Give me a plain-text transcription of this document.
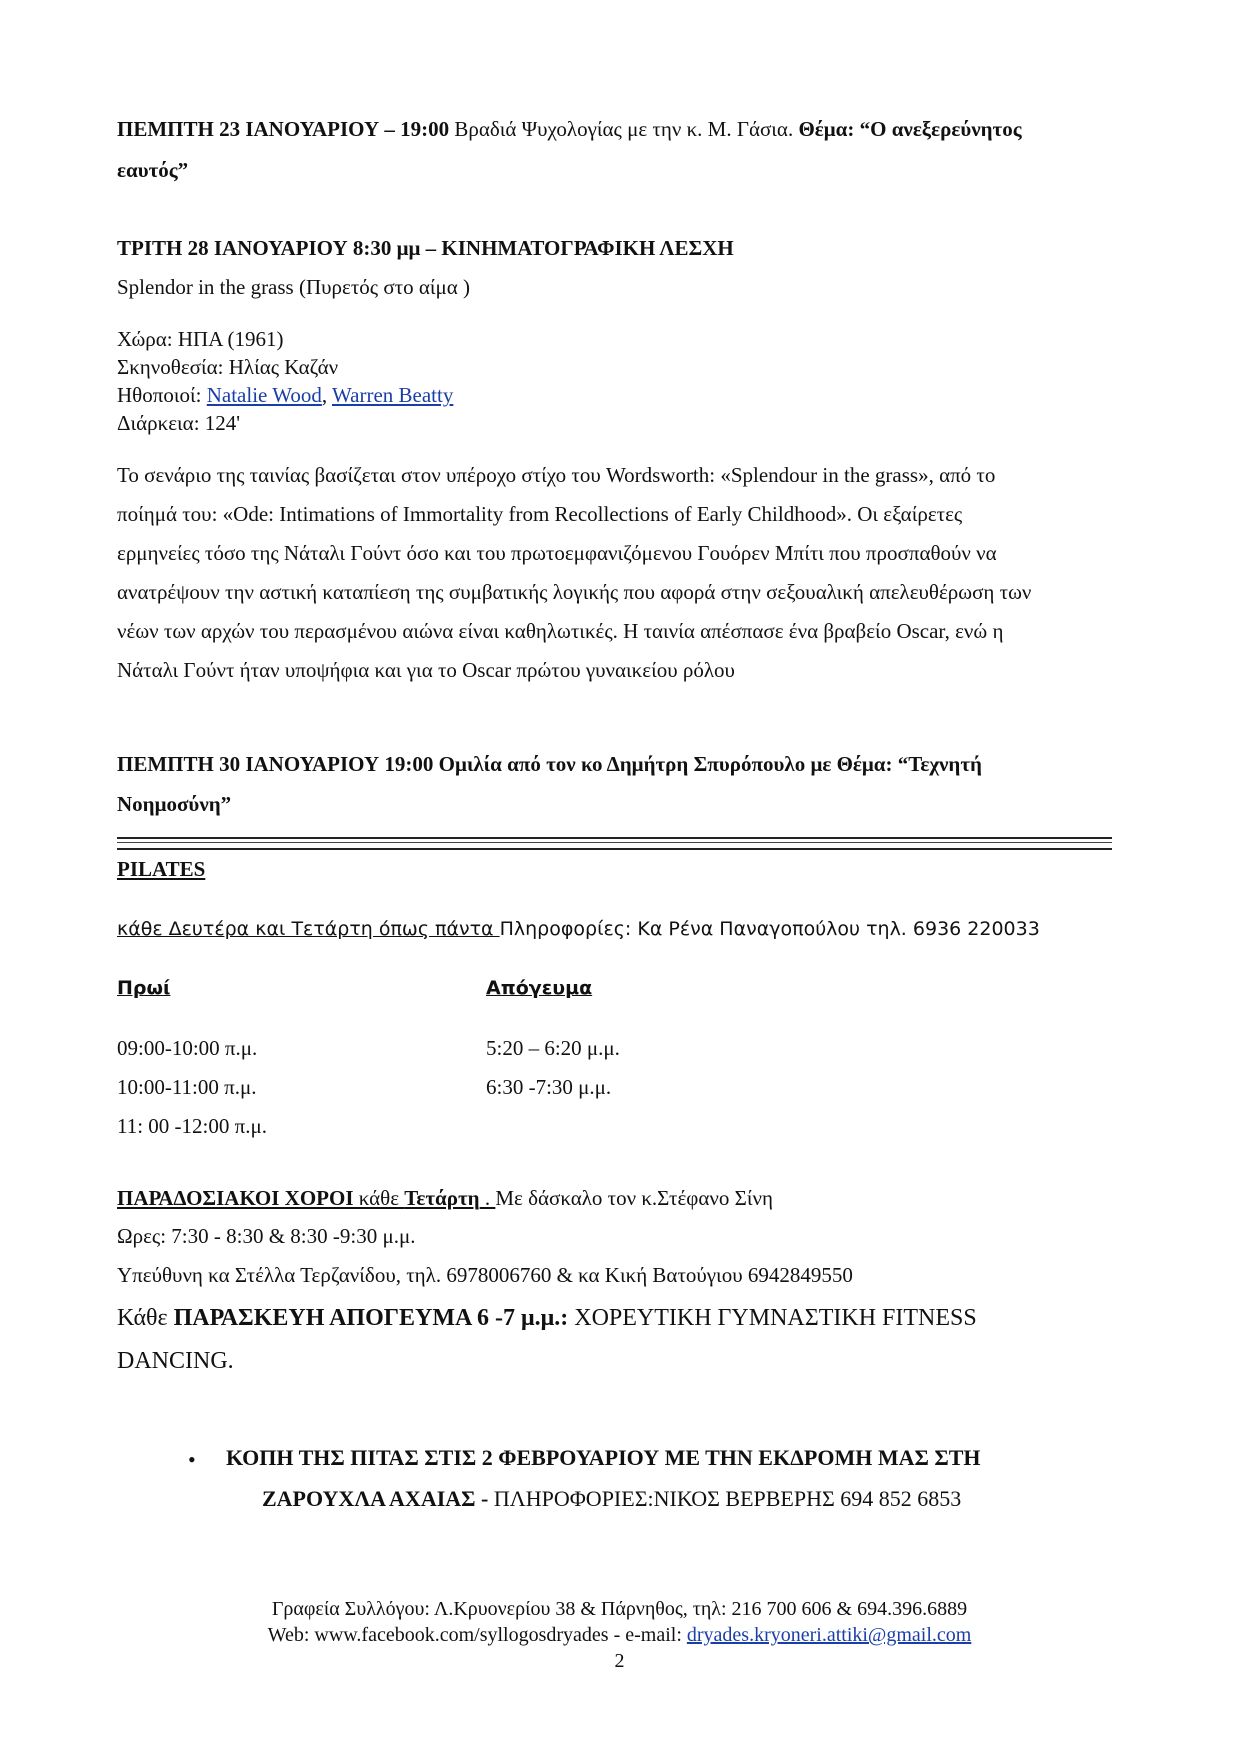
ΠΕΜΠΤΗ 23 ΙΑΝΟΥΑΡΙΟΥ – 19:00 Βραδιά Ψυχολογίας με την κ. Μ. Γάσια. Θέμα: “Ο ανεξερεύνητος
εαυτός”
ΤΡΙΤΗ 28 ΙΑΝΟΥΑΡΙΟΥ 8:30 μμ – ΚΙΝΗΜΑΤΟΓΡΑΦΙΚΗ ΛΕΣΧΗ
Splendor in the grass (Πυρετός στο αίμα )
Χώρα: ΗΠΑ (1961)
Σκηνοθεσία: Ηλίας Καζάν
Ηθοποιοί: Natalie Wood, Warren Beatty
Διάρκεια: 124'
Το σενάριο της ταινίας βασίζεται στον υπέροχο στίχο του Wordsworth: «Splendour in the grass», από το
ποίημά του: «Ode: Intimations of Immortality from Recollections of Early Childhood». Οι εξαίρετες
ερμηνείες τόσο της Νάταλι Γούντ όσο και του πρωτοεμφανιζόμενου Γουόρεν Μπίτι που προσπαθούν να
ανατρέψουν την αστική καταπίεση της συμβατικής λογικής που αφορά στην σεξουαλική απελευθέρωση των
νέων των αρχών του περασμένου αιώνα είναι καθηλωτικές. Η ταινία απέσπασε ένα βραβείο Oscar, ενώ η
Νάταλι Γούντ ήταν υποψήφια και για το Oscar πρώτου γυναικείου ρόλου
ΠΕΜΠΤΗ 30 ΙΑΝΟΥΑΡΙΟΥ 19:00 Ομιλία από τον κο Δημήτρη Σπυρόπουλο με Θέμα: “Τεχνητή
Νοημοσύνη”
PILATES
κάθε Δευτέρα και Τετάρτη όπως πάντα Πληροφορίες: Κα Ρένα Παναγοπούλου τηλ. 6936 220033
Πρωί	Απόγευμα
09:00-10:00 π.μ.
10:00-11:00 π.μ.
11: 00 -12:00 π.μ.
5:20 – 6:20 μ.μ.
6:30 -7:30 μ.μ.
ΠΑΡΑΔΟΣΙΑΚΟΙ ΧΟΡΟΙ κάθε Τετάρτη . Με δάσκαλο τον κ.Στέφανο Σίνη
Ωρες: 7:30 - 8:30 & 8:30 -9:30 μ.μ.
Υπεύθυνη κα Στέλλα Τερζανίδου, τηλ. 6978006760 & κα Κική Βατούγιου 6942849550
Κάθε ΠΑΡΑΣΚΕΥΗ ΑΠΟΓΕΥΜΑ 6 -7 μ.μ.: ΧΟΡΕΥΤΙΚΗ ΓΥΜΝΑΣΤΙΚΗ FITNESS
DANCING.
• ΚΟΠΗ ΤΗΣ ΠΙΤΑΣ ΣΤΙΣ 2 ΦΕΒΡΟΥΑΡΙΟΥ ΜΕ ΤΗΝ ΕΚΔΡΟΜΗ ΜΑΣ ΣΤΗ
ΖΑΡΟΥΧΛΑ ΑΧΑΙΑΣ - ΠΛΗΡΟΦΟΡΙΕΣ:ΝΙΚΟΣ ΒΕΡΒΕΡΗΣ 694 852 6853
Γραφεία Συλλόγου: Λ.Κρυονερίου 38 & Πάρνηθος, τηλ: 216 700 606 & 694.396.6889
Web: www.facebook.com/syllogosdryades - e-mail: dryades.kryoneri.attiki@gmail.com
2
